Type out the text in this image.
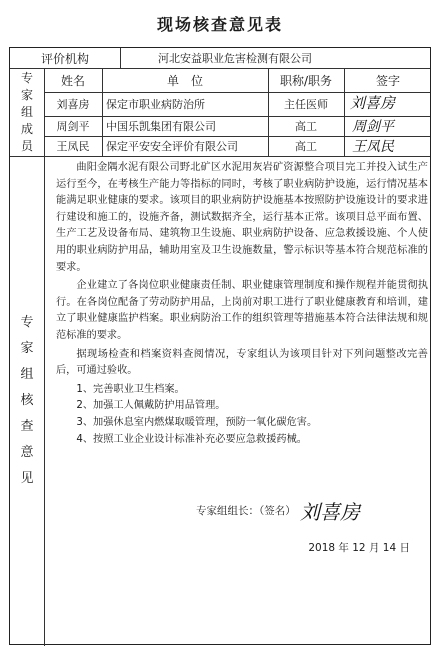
现场核查意见表
评价机构	河北安益职业危害检测有限公司
专
家
组
成
员
姓名	单　位	职称/职务	签字
刘喜房	保定市职业病防治所	主任医师	刘喜房
周剑平	中国乐凯集团有限公司	高工	周剑平
王凤民	保定平安安全评价有限公司	高工	王凤民
专
家
组
核
查
意
见

曲阳金隅水泥有限公司野北矿区水泥用灰岩矿资源整合项目完工并投入试生产运行至今，在考核生产能力等指标的同时，考核了职业病防护设施，运行情况基本能满足职业健康的要求。该项目的职业病防护设施基本按照防护设施设计的要求进行建设和施工的，设施齐备，测试数据齐全，运行基本正常。该项目总平面布置、生产工艺及设备布局、建筑物卫生设施、职业病防护设备、应急救援设施、个人使用的职业病防护用品，辅助用室及卫生设施数量，警示标识等基本符合规范标准的要求。

企业建立了各岗位职业健康责任制、职业健康管理制度和操作规程并能贯彻执行。在各岗位配备了劳动防护用品，上岗前对职工进行了职业健康教育和培训，建立了职业健康监护档案。职业病防治工作的组织管理等措施基本符合法律法规和规范标准的要求。

据现场检查和档案资料查阅情况，专家组认为该项目针对下列问题整改完善后，可通过验收。

1、完善职业卫生档案。

2、加强工人佩戴防护用品管理。

3、加强休息室内燃煤取暖管理，预防一氧化碳危害。

4、按照工业企业设计标准补充必要应急救援药械。

专家组组长：（签名） 刘喜房
2018 年 12 月 14 日
